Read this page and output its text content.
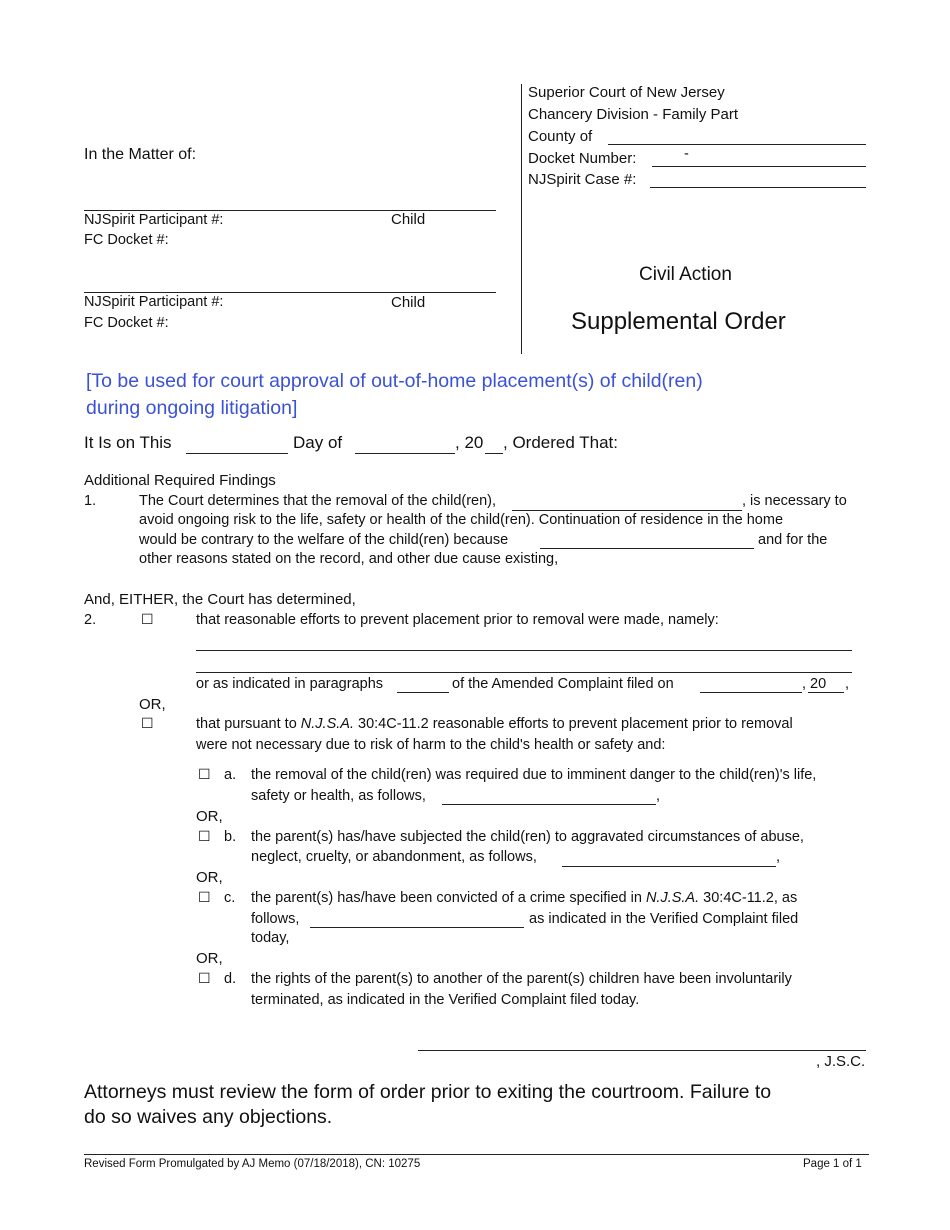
Superior Court of New Jersey
Chancery Division - Family Part
County of
Docket Number:	-
NJSpirit Case #:
In the Matter of:
NJSpirit Participant #:	Child
FC Docket #:
NJSpirit Participant #:	Child
FC Docket #:
Civil Action
Supplemental Order
[To be used for court approval of out-of-home placement(s) of child(ren)
during ongoing litigation]
It Is on This	Day of	, 20 , Ordered That:
Additional Required Findings
1.	The Court determines that the removal of the child(ren),	, is necessary to
avoid ongoing risk to the life, safety or health of the child(ren). Continuation of residence in the home
would be contrary to the welfare of the child(ren) because	and for the
other reasons stated on the record, and other due cause existing,
And, EITHER, the Court has determined,
2.	☐	that reasonable efforts to prevent placement prior to removal were made, namely:
or as indicated in paragraphs	of the Amended Complaint filed on	, 20 ,
OR,
☐	that pursuant to N.J.S.A. 30:4C-11.2 reasonable efforts to prevent placement prior to removal
were not necessary due to risk of harm to the child's health or safety and:
☐ a. the removal of the child(ren) was required due to imminent danger to the child(ren)'s life,
safety or health, as follows,	,
OR,
☐ b. the parent(s) has/have subjected the child(ren) to aggravated circumstances of abuse,
neglect, cruelty, or abandonment, as follows,	,
OR,
☐ c. the parent(s) has/have been convicted of a crime specified in N.J.S.A. 30:4C-11.2, as
follows,	as indicated in the Verified Complaint filed
today,
OR,
☐ d. the rights of the parent(s) to another of the parent(s) children have been involuntarily
terminated, as indicated in the Verified Complaint filed today.
, J.S.C.
Attorneys must review the form of order prior to exiting the courtroom. Failure to
do so waives any objections.
Revised Form Promulgated by AJ Memo (07/18/2018), CN: 10275	Page 1 of 1
